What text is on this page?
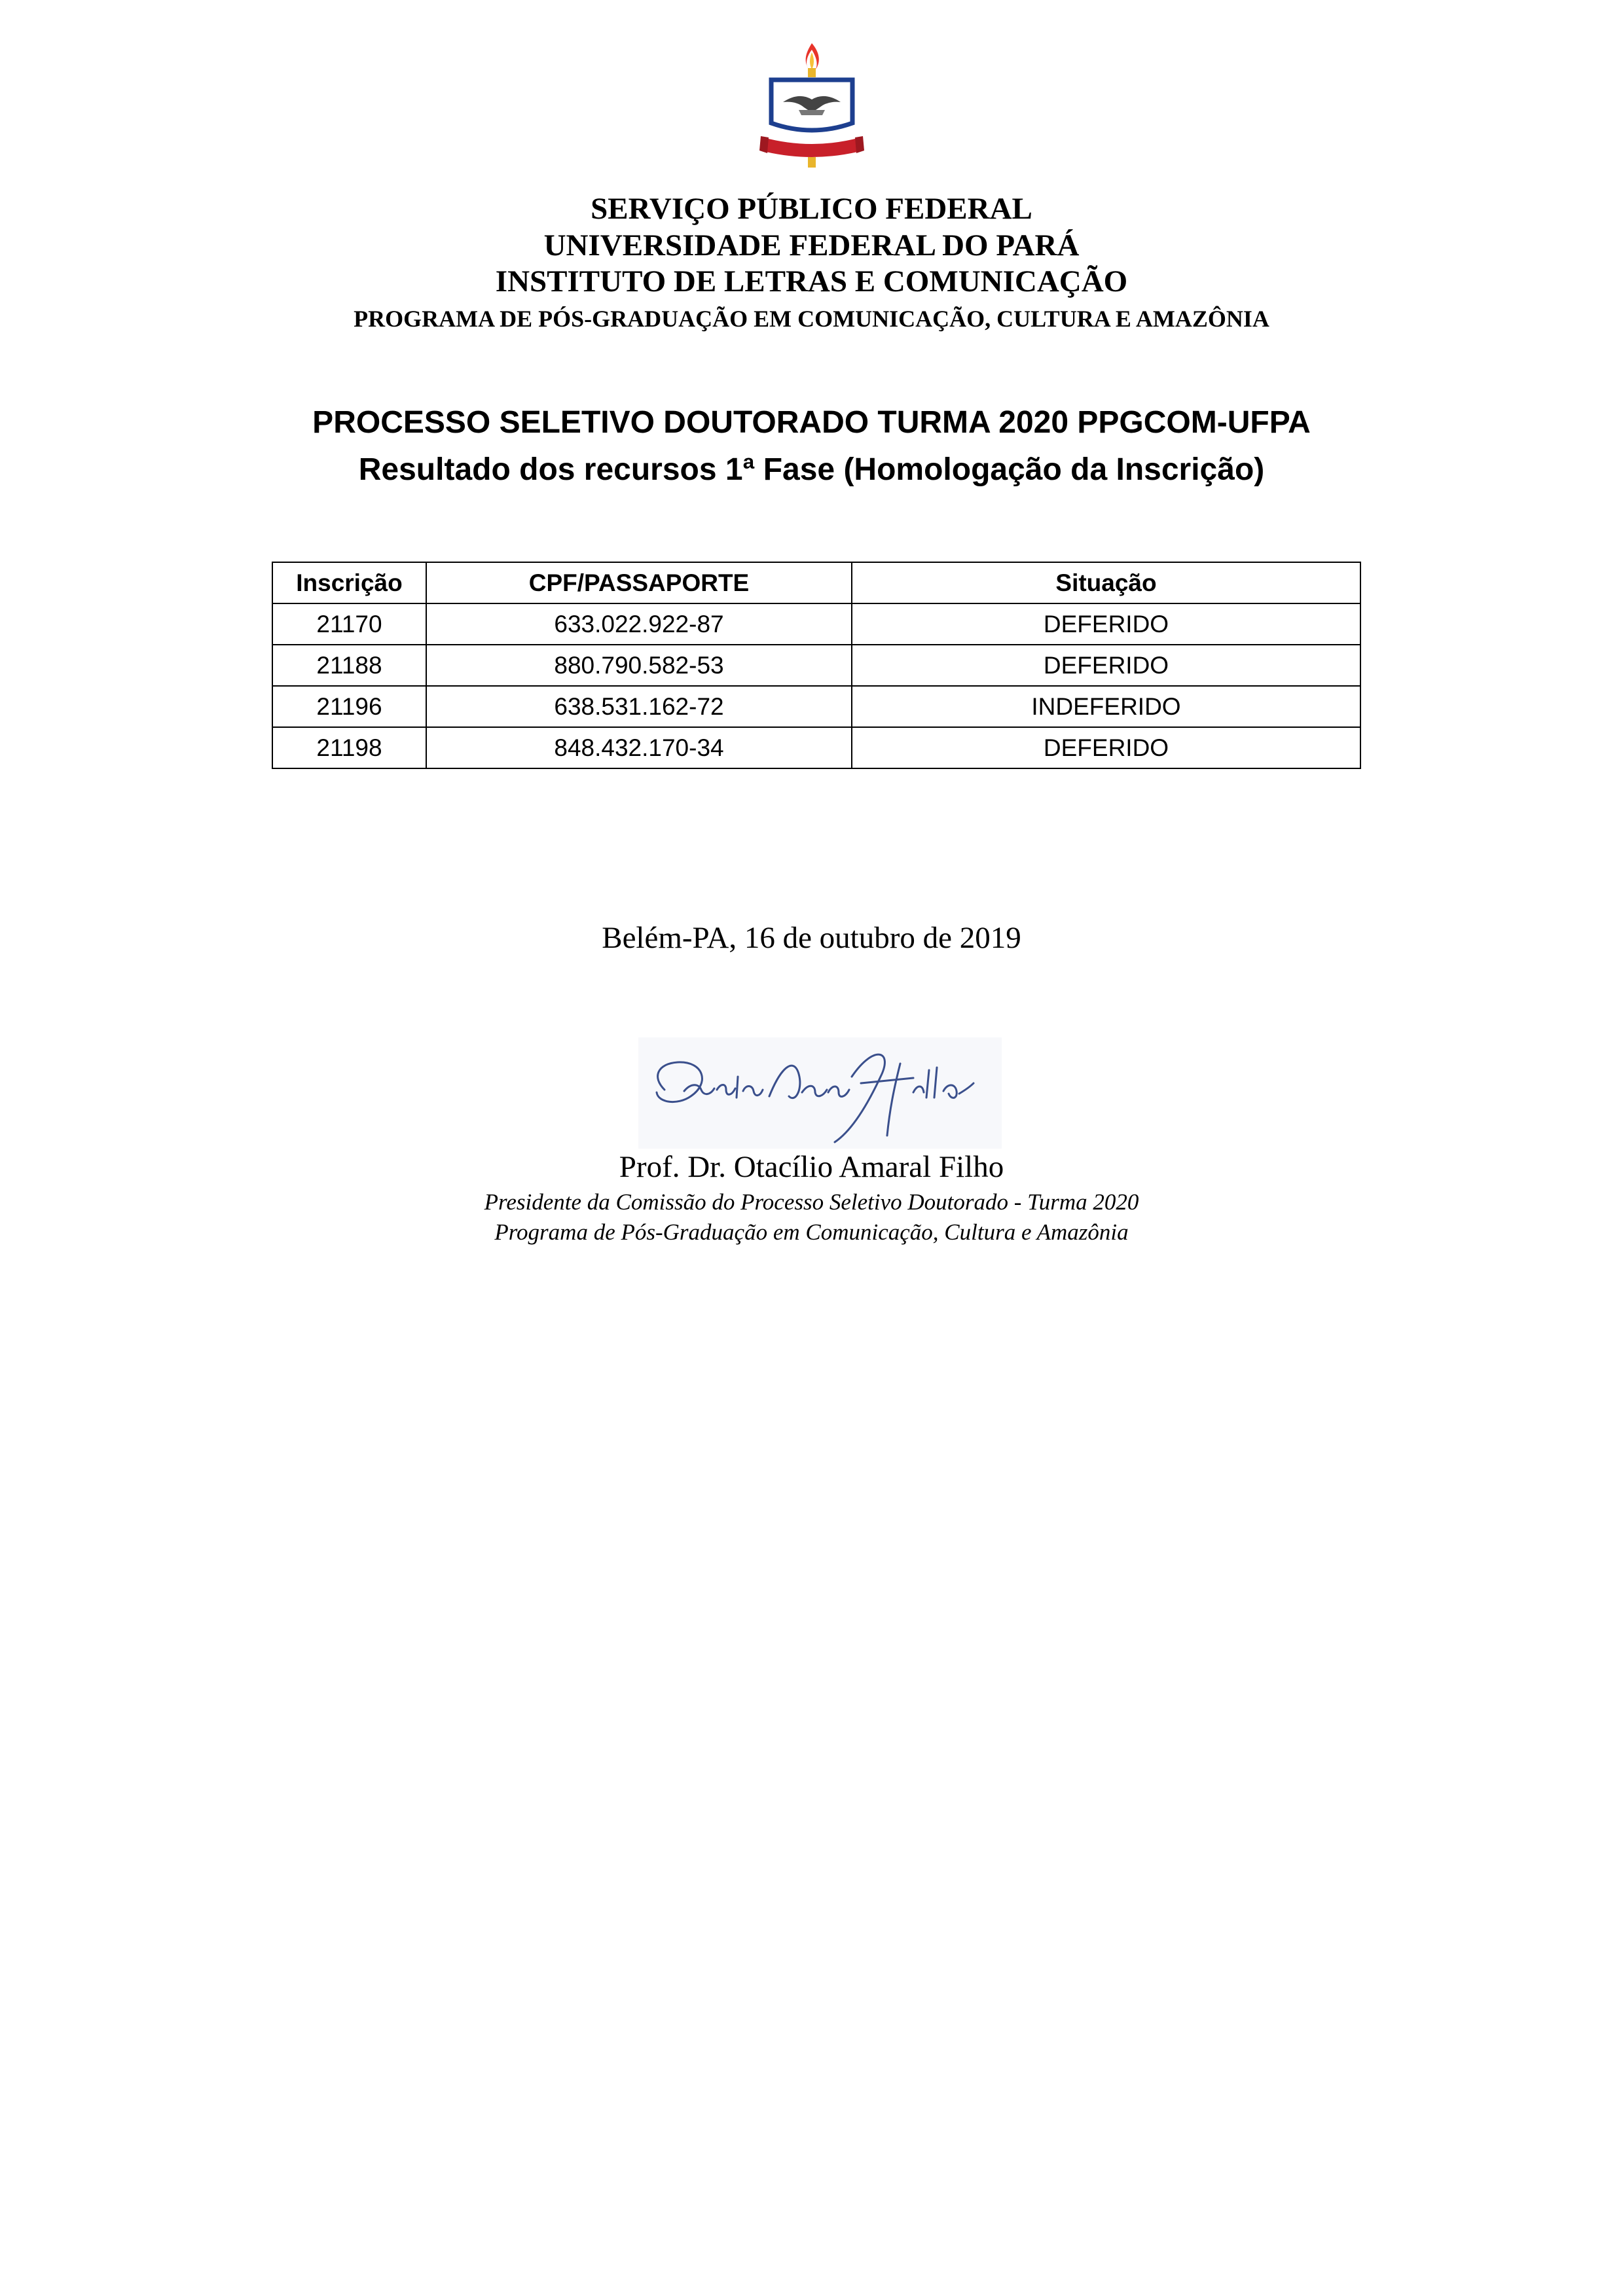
SERVIÇO PÚBLICO FEDERAL
UNIVERSIDADE FEDERAL DO PARÁ
INSTITUTO DE LETRAS E COMUNICAÇÃO
PROGRAMA DE PÓS-GRADUAÇÃO EM COMUNICAÇÃO, CULTURA E AMAZÔNIA
PROCESSO SELETIVO DOUTORADO TURMA 2020 PPGCOM-UFPA
Resultado dos recursos 1ª Fase (Homologação da Inscrição)
Inscrição	CPF/PASSAPORTE	Situação
21170	633.022.922-87	DEFERIDO
21188	880.790.582-53	DEFERIDO
21196	638.531.162-72	INDEFERIDO
21198	848.432.170-34	DEFERIDO
Belém-PA, 16 de outubro de 2019
Prof. Dr. Otacílio Amaral Filho
Presidente da Comissão do Processo Seletivo Doutorado - Turma 2020
Programa de Pós-Graduação em Comunicação, Cultura e Amazônia
